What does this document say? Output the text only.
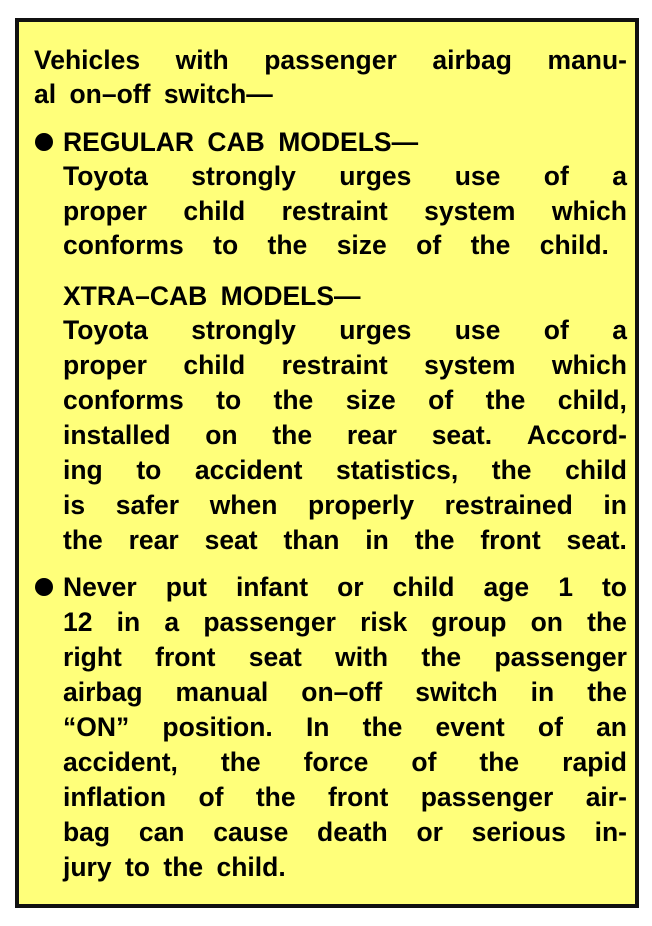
Vehicles with passenger airbag manu-
al on–off switch—
REGULAR CAB MODELS—
Toyota strongly urges use of a
proper child restraint system which
conforms to the size of the child.
XTRA–CAB MODELS—
Toyota strongly urges use of a
proper child restraint system which
conforms to the size of the child,
installed on the rear seat. Accord-
ing to accident statistics, the child
is safer when properly restrained in
the rear seat than in the front seat.
Never put infant or child age 1 to
12 in a passenger risk group on the
right front seat with the passenger
airbag manual on–off switch in the
“ON” position. In the event of an
accident, the force of the rapid
inflation of the front passenger air-
bag can cause death or serious in-
jury to the child.
